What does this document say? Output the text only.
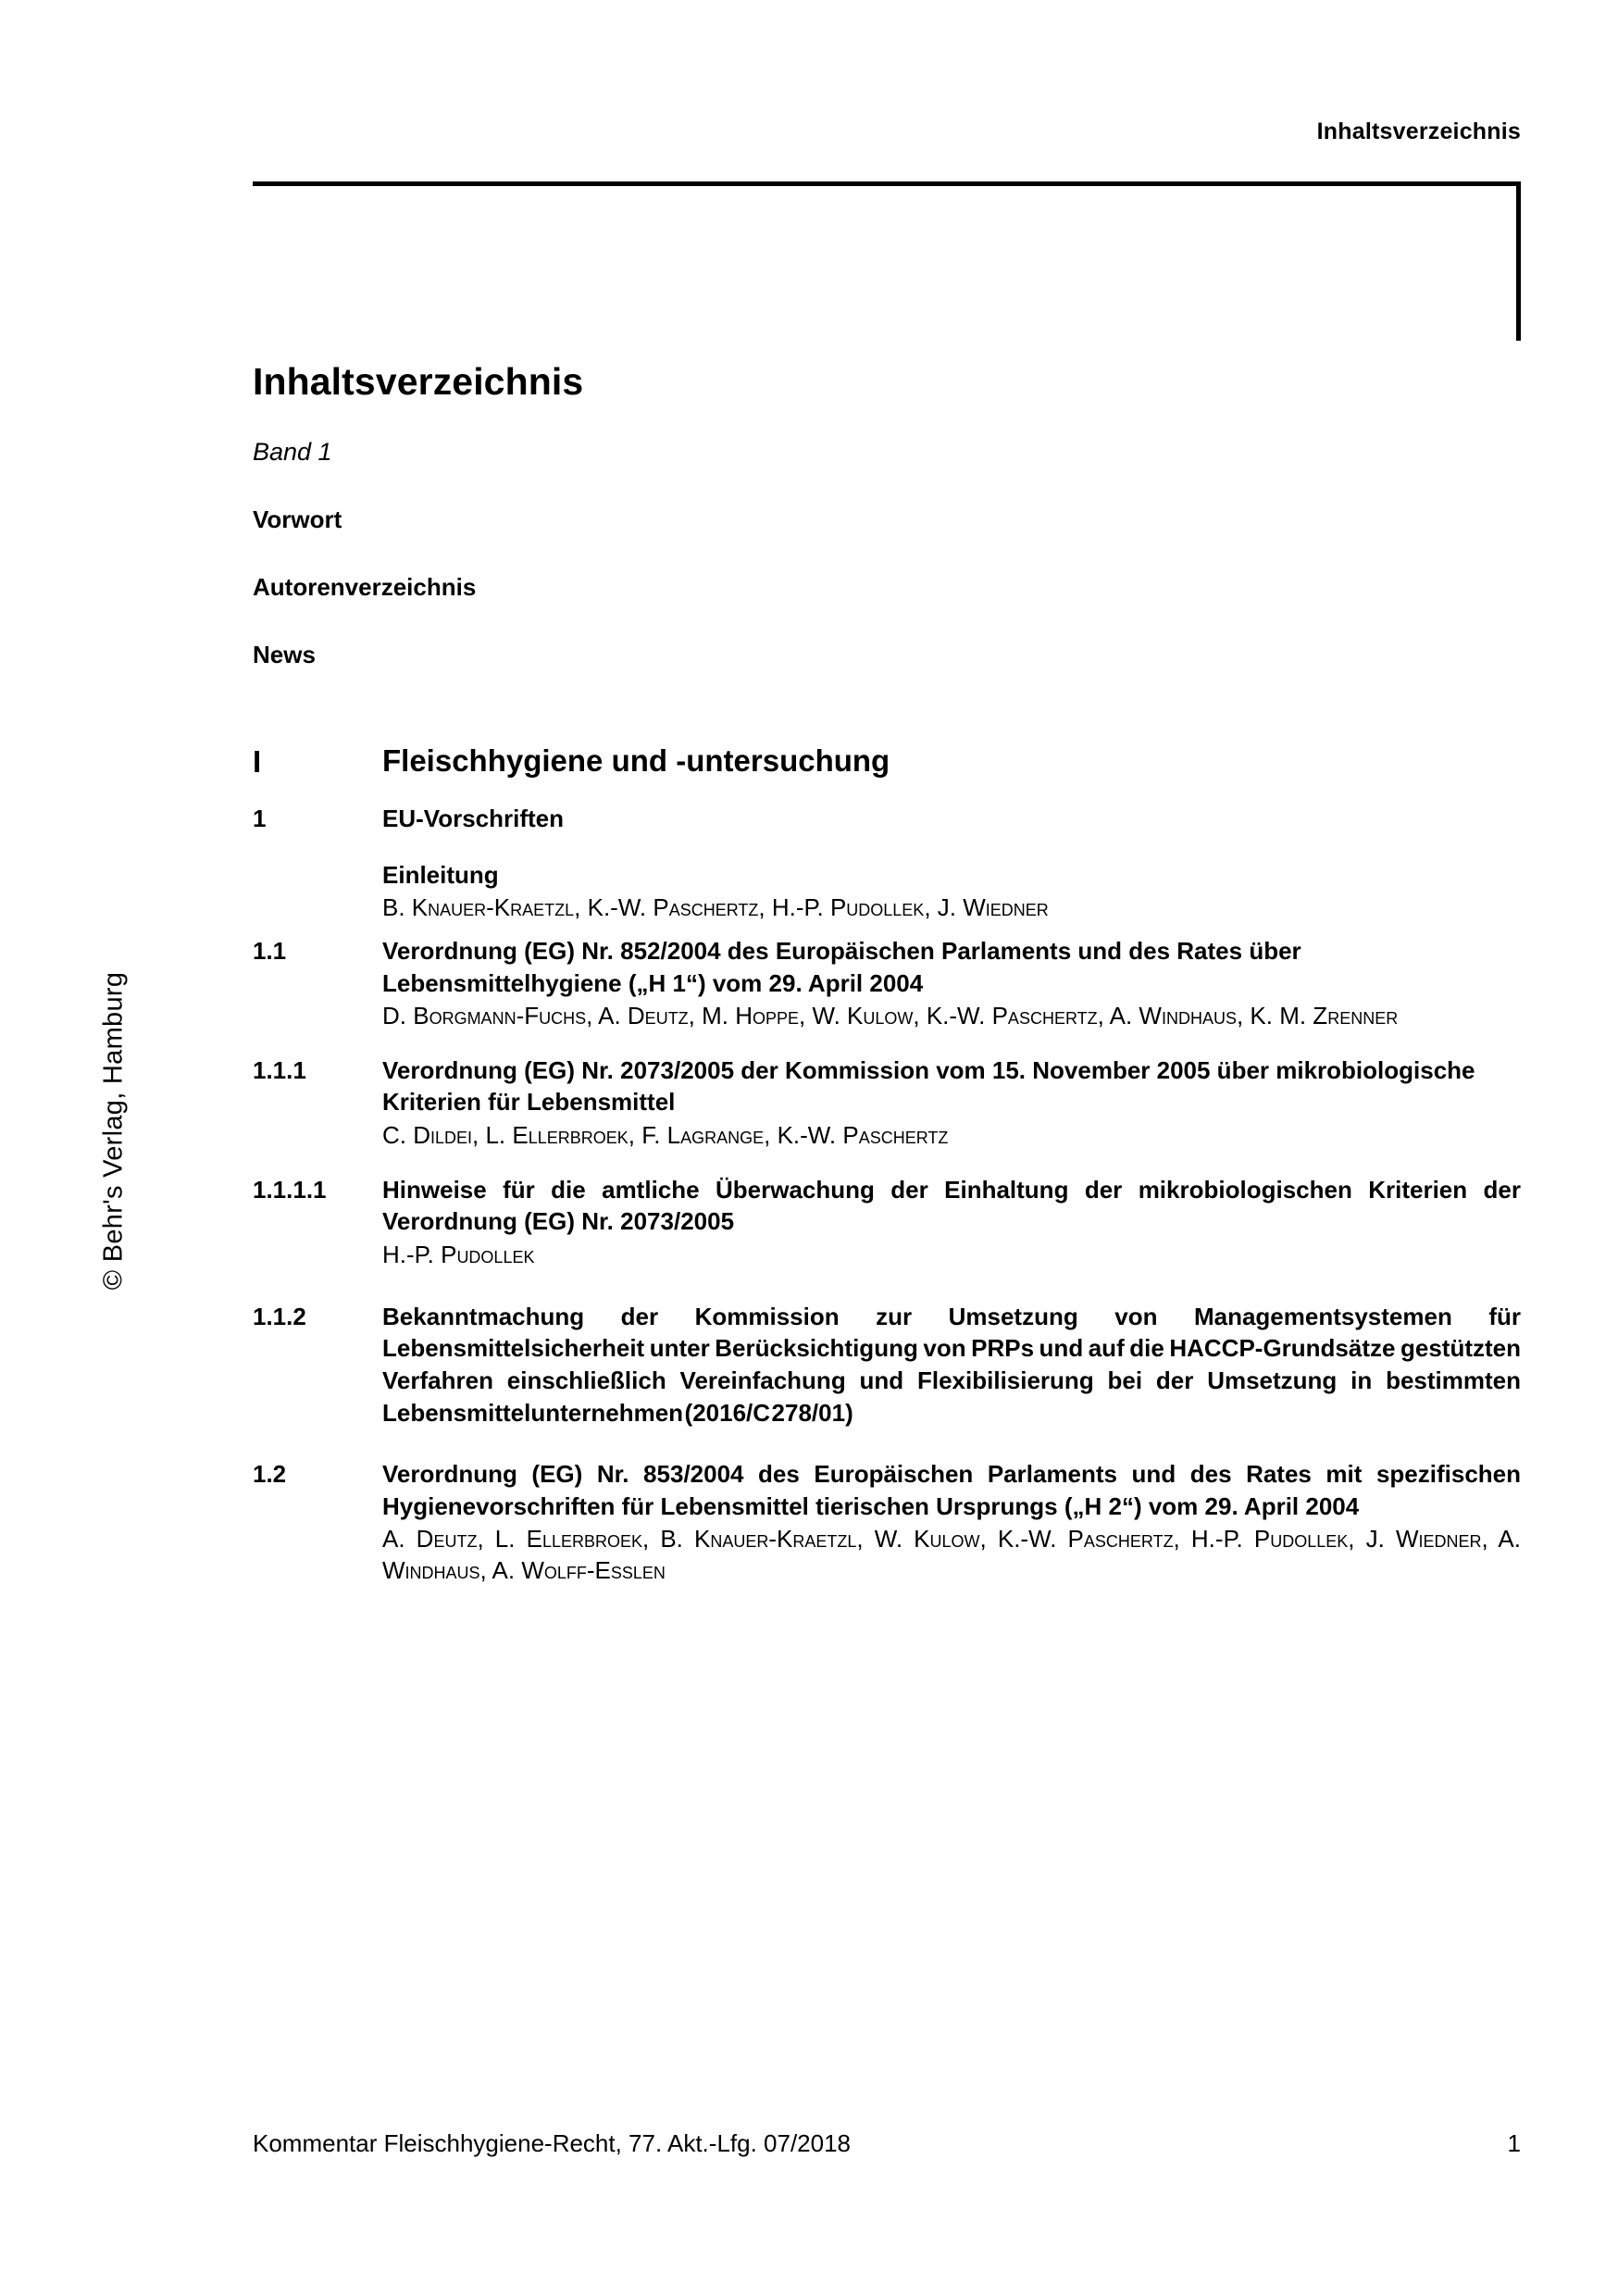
Inhaltsverzeichnis
© Behr's Verlag, Hamburg
Inhaltsverzeichnis
Band 1
Vorwort
Autorenverzeichnis
News
I	Fleischhygiene und -untersuchung
1	EU-Vorschriften
Einleitung
B. Knauer-Kraetzl, K.-W. Paschertz, H.-P. Pudollek, J. Wiedner
1.1	Verordnung (EG) Nr. 852/2004 des Europäischen Parlaments und des Rates über Lebensmittelhygiene („H 1“) vom 29. April 2004
D. Borgmann-Fuchs, A. Deutz, M. Hoppe, W. Kulow, K.-W. Paschertz, A. Windhaus, K. M. Zrenner
1.1.1	Verordnung (EG) Nr. 2073/2005 der Kommission vom 15. November 2005 über mikrobiologische Kriterien für Lebensmittel
C. Dildei, L. Ellerbroek, F. Lagrange, K.-W. Paschertz
1.1.1.1	Hinweise für die amtliche Überwachung der Einhaltung der mikrobiologischen Kriterien der Verordnung (EG) Nr. 2073/2005
H.-P. Pudollek
1.1.2	Bekanntmachung der Kommission zur Umsetzung von Managementsystemen für Lebensmittelsicherheit unter Berücksichtigung von PRPs und auf die HACCP-Grundsätze gestützten Verfahren einschließlich Vereinfachung und Flexibilisierung bei der Umsetzung in bestimmten Lebensmittelunternehmen (2016/C 278/01)
1.2	Verordnung (EG) Nr. 853/2004 des Europäischen Parlaments und des Rates mit spezifischen Hygienevorschriften für Lebensmittel tierischen Ursprungs („H 2“) vom 29. April 2004
A. Deutz, L. Ellerbroek, B. Knauer-Kraetzl, W. Kulow, K.-W. Paschertz, H.-P. Pudollek, J. Wiedner, A. Windhaus, A. Wolff-Esslen
Kommentar Fleischhygiene-Recht, 77. Akt.-Lfg. 07/2018	1
